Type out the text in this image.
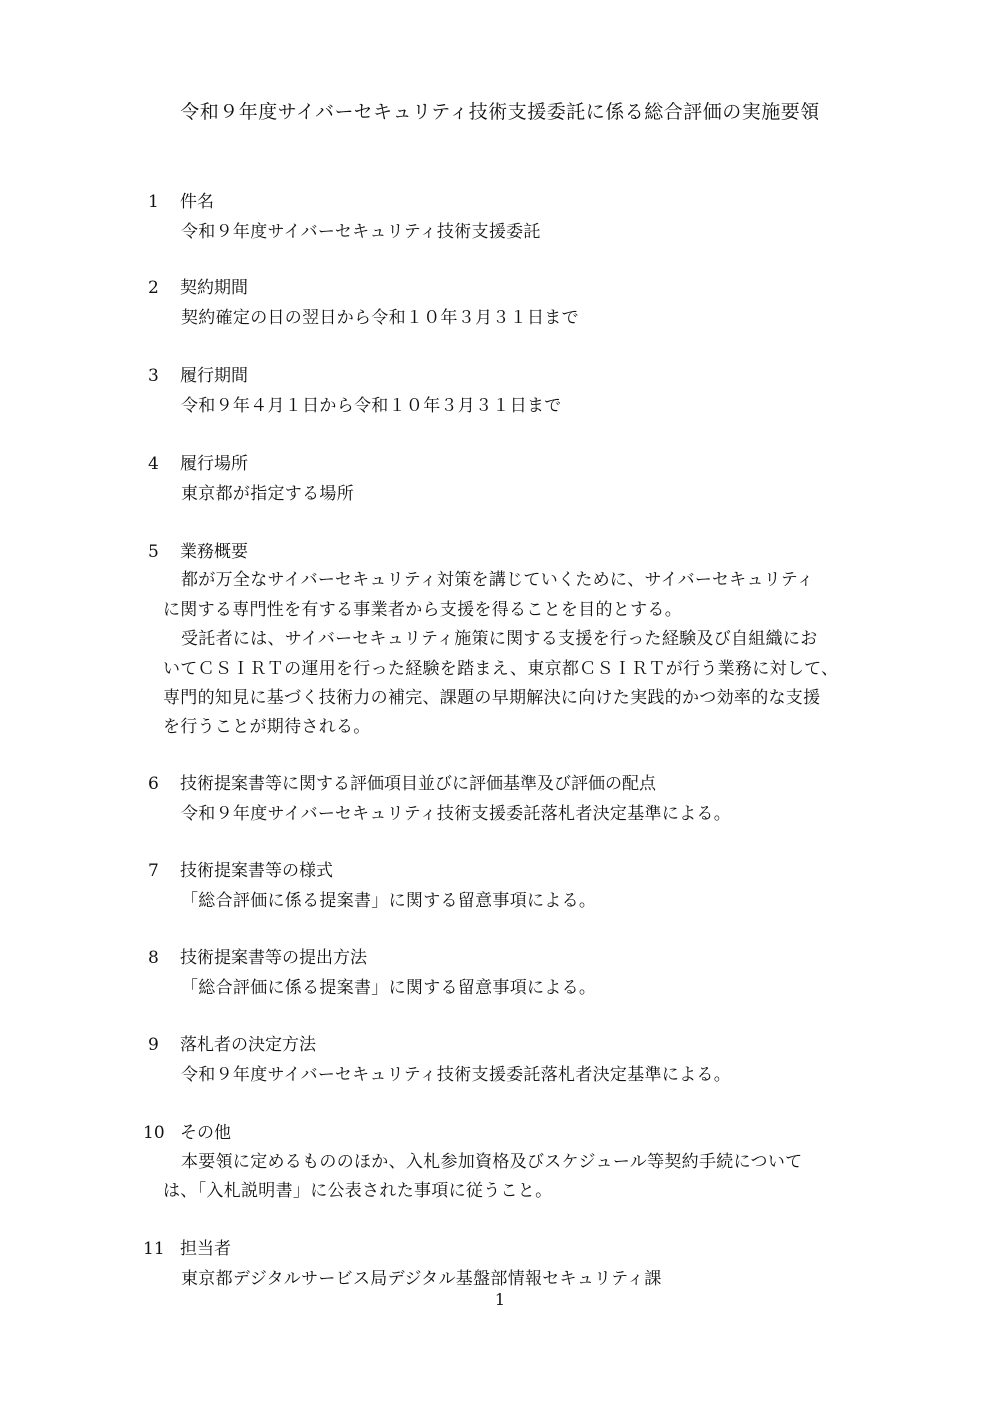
令和９年度サイバーセキュリティ技術支援委託に係る総合評価の実施要領
1 件名
令和９年度サイバーセキュリティ技術支援委託
2 契約期間
契約確定の日の翌日から令和１０年３月３１日まで
3 履行期間
令和９年４月１日から令和１０年３月３１日まで
4 履行場所
東京都が指定する場所
5 業務概要
都が万全なサイバーセキュリティ対策を講じていくために、サイバーセキュリティ
に関する専門性を有する事業者から支援を得ることを目的とする。
受託者には、サイバーセキュリティ施策に関する支援を行った経験及び自組織にお
いてＣＳＩＲＴの運用を行った経験を踏まえ、東京都ＣＳＩＲＴが行う業務に対して、
専門的知見に基づく技術力の補完、課題の早期解決に向けた実践的かつ効率的な支援
を行うことが期待される。
6 技術提案書等に関する評価項目並びに評価基準及び評価の配点
令和９年度サイバーセキュリティ技術支援委託落札者決定基準による。
7 技術提案書等の様式
「総合評価に係る提案書」に関する留意事項による。
8 技術提案書等の提出方法
「総合評価に係る提案書」に関する留意事項による。
9 落札者の決定方法
令和９年度サイバーセキュリティ技術支援委託落札者決定基準による。
10 その他
本要領に定めるもののほか、入札参加資格及びスケジュール等契約手続について
は、「入札説明書」に公表された事項に従うこと。
11 担当者
東京都デジタルサービス局デジタル基盤部情報セキュリティ課
1
